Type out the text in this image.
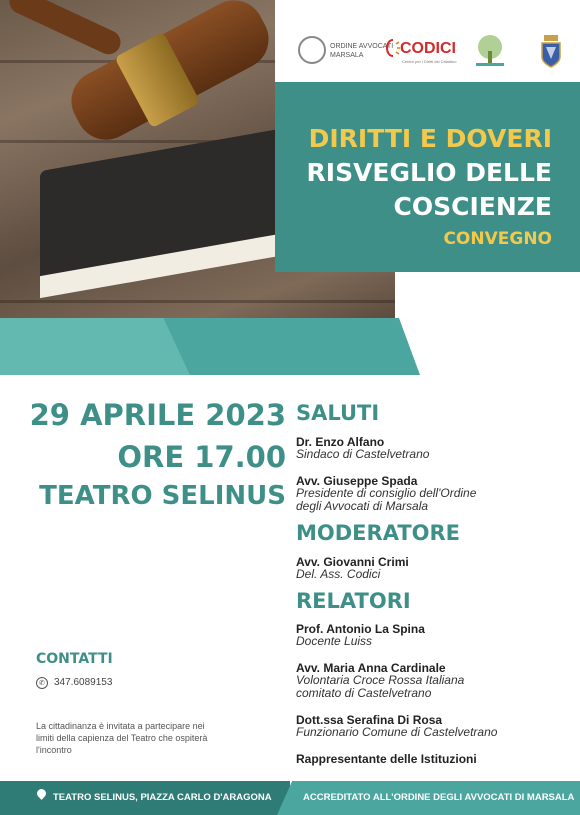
ORDINE AVVOCATI
MARSALA CODICI
Centro per i Diritti del Cittadino
DIRITTI E DOVERI
RISVEGLIO DELLE
COSCIENZE
CONVEGNO
29 APRILE 2023
ORE 17.00
TEATRO SELINUS
SALUTI
Dr. Enzo Alfano
Sindaco di Castelvetrano
Avv. Giuseppe Spada
Presidente di consiglio dell'Ordine
degli Avvocati di Marsala
MODERATORE
Avv. Giovanni Crimi
Del. Ass. Codici
RELATORI
Prof. Antonio La Spina
Docente Luiss
Avv. Maria Anna Cardinale
Volontaria Croce Rossa Italiana
comitato di Castelvetrano
Dott.ssa Serafina Di Rosa
Funzionario Comune di Castelvetrano
Rappresentante delle Istituzioni
CONTATTI
✆ 347.6089153
La cittadinanza è invitata a partecipare nei limiti della capienza del Teatro che ospiterà l'incontro
TEATRO SELINUS, PIAZZA CARLO D'ARAGONA	ACCREDITATO ALL'ORDINE DEGLI AVVOCATI DI MARSALA
